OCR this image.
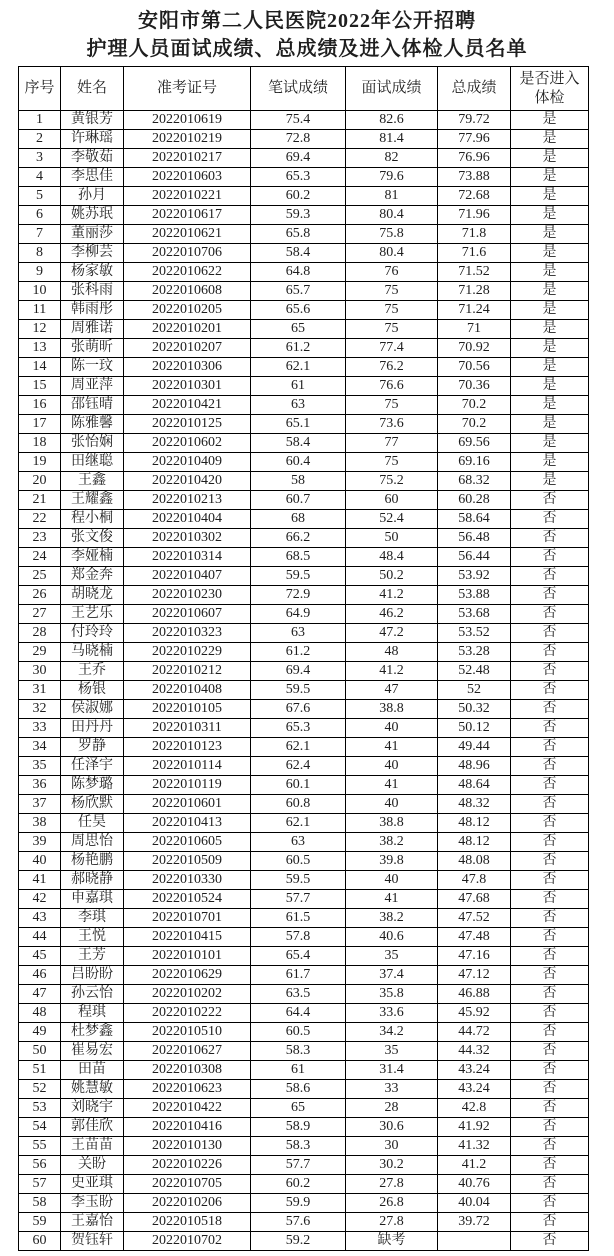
安阳市第二人民医院2022年公开招聘
护理人员面试成绩、总成绩及进入体检人员名单
序号	姓名	准考证号	笔试成绩	面试成绩	总成绩	是否进入体检
1	黄银芳	2022010619	75.4	82.6	79.72	是
2	许琳瑶	2022010219	72.8	81.4	77.96	是
3	李敬茹	2022010217	69.4	82	76.96	是
4	李思佳	2022010603	65.3	79.6	73.88	是
5	孙月	2022010221	60.2	81	72.68	是
6	姚苏珉	2022010617	59.3	80.4	71.96	是
7	董丽莎	2022010621	65.8	75.8	71.8	是
8	李柳芸	2022010706	58.4	80.4	71.6	是
9	杨家敏	2022010622	64.8	76	71.52	是
10	张科雨	2022010608	65.7	75	71.28	是
11	韩雨彤	2022010205	65.6	75	71.24	是
12	周雅诺	2022010201	65	75	71	是
13	张萌昕	2022010207	61.2	77.4	70.92	是
14	陈一玟	2022010306	62.1	76.2	70.56	是
15	周亚萍	2022010301	61	76.6	70.36	是
16	邵钰晴	2022010421	63	75	70.2	是
17	陈雅馨	2022010125	65.1	73.6	70.2	是
18	张怡娴	2022010602	58.4	77	69.56	是
19	田继聪	2022010409	60.4	75	69.16	是
20	王鑫	2022010420	58	75.2	68.32	是
21	王耀鑫	2022010213	60.7	60	60.28	否
22	程小桐	2022010404	68	52.4	58.64	否
23	张文俊	2022010302	66.2	50	56.48	否
24	李娅楠	2022010314	68.5	48.4	56.44	否
25	郑金奔	2022010407	59.5	50.2	53.92	否
26	胡晓龙	2022010230	72.9	41.2	53.88	否
27	王艺乐	2022010607	64.9	46.2	53.68	否
28	付玲玲	2022010323	63	47.2	53.52	否
29	马晓楠	2022010229	61.2	48	53.28	否
30	王乔	2022010212	69.4	41.2	52.48	否
31	杨银	2022010408	59.5	47	52	否
32	侯淑娜	2022010105	67.6	38.8	50.32	否
33	田丹丹	2022010311	65.3	40	50.12	否
34	罗静	2022010123	62.1	41	49.44	否
35	任泽宇	2022010114	62.4	40	48.96	否
36	陈梦璐	2022010119	60.1	41	48.64	否
37	杨欣默	2022010601	60.8	40	48.32	否
38	任昊	2022010413	62.1	38.8	48.12	否
39	周思怡	2022010605	63	38.2	48.12	否
40	杨艳鹏	2022010509	60.5	39.8	48.08	否
41	郝晓静	2022010330	59.5	40	47.8	否
42	申嘉琪	2022010524	57.7	41	47.68	否
43	李琪	2022010701	61.5	38.2	47.52	否
44	王悦	2022010415	57.8	40.6	47.48	否
45	王芳	2022010101	65.4	35	47.16	否
46	吕盼盼	2022010629	61.7	37.4	47.12	否
47	孙云怡	2022010202	63.5	35.8	46.88	否
48	程琪	2022010222	64.4	33.6	45.92	否
49	杜梦鑫	2022010510	60.5	34.2	44.72	否
50	崔易宏	2022010627	58.3	35	44.32	否
51	田苗	2022010308	61	31.4	43.24	否
52	姚慧敏	2022010623	58.6	33	43.24	否
53	刘晓宇	2022010422	65	28	42.8	否
54	郭佳欣	2022010416	58.9	30.6	41.92	否
55	王苗苗	2022010130	58.3	30	41.32	否
56	关盼	2022010226	57.7	30.2	41.2	否
57	史亚琪	2022010705	60.2	27.8	40.76	否
58	李玉盼	2022010206	59.9	26.8	40.04	否
59	王嘉怡	2022010518	57.6	27.8	39.72	否
60	贺钰轩	2022010702	59.2	缺考		否
